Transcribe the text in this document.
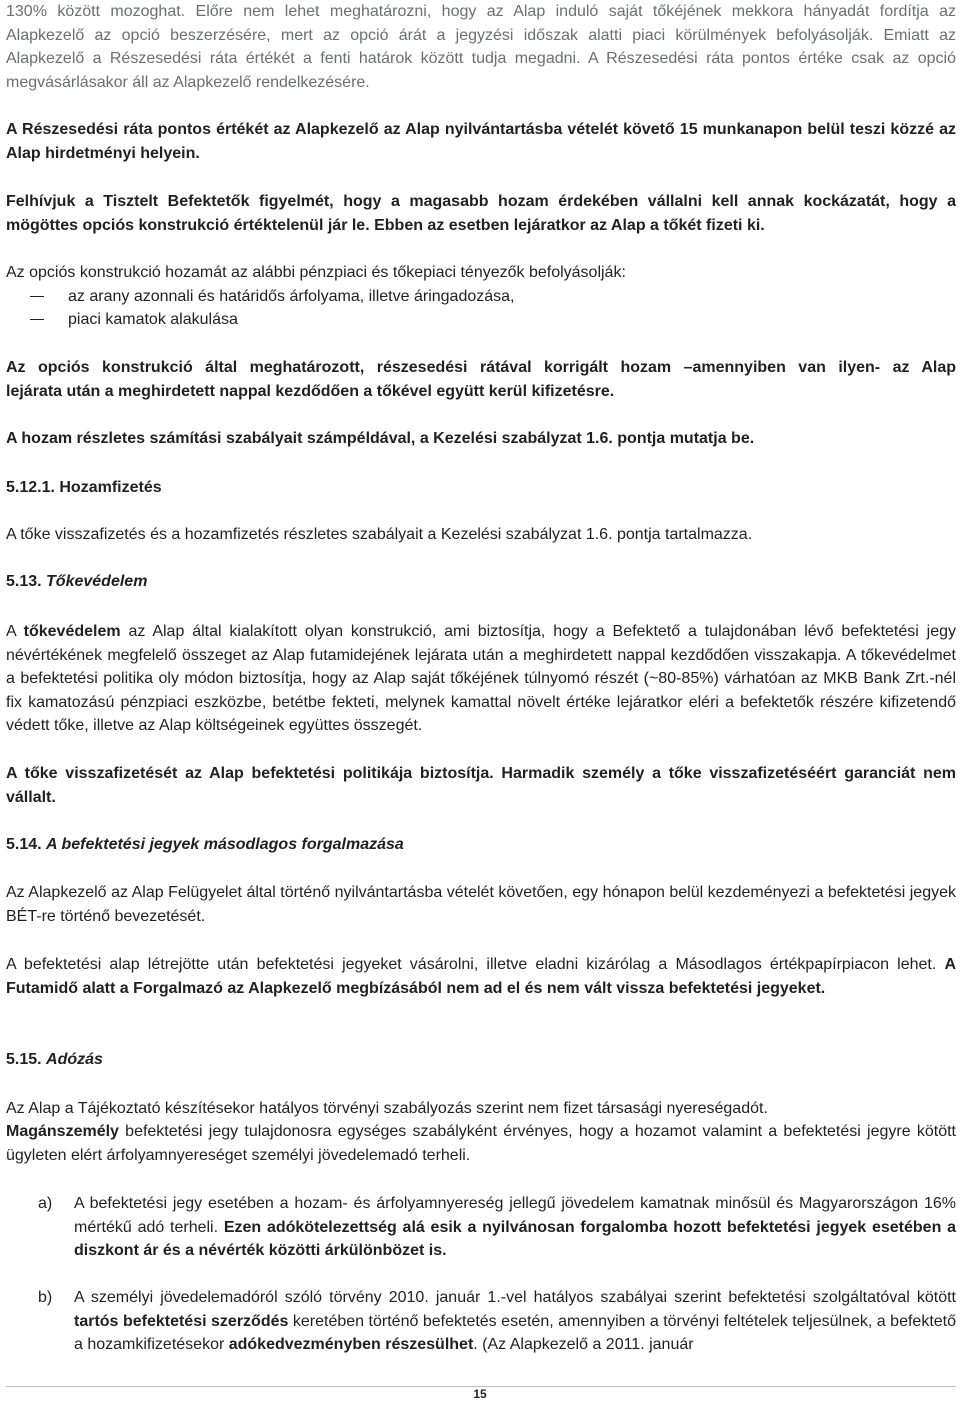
130% között mozoghat. Előre nem lehet meghatározni, hogy az Alap induló saját tőkéjének mekkora hányadát fordítja az
Alapkezelő az opció beszerzésére, mert az opció árát a jegyzési időszak alatti piaci körülmények befolyásolják. Emiatt az
Alapkezelő a Részesedési ráta értékét a fenti határok között tudja megadni. A Részesedési ráta pontos értéke csak az opció
megvásárlásakor áll az Alapkezelő rendelkezésére.

A Részesedési ráta pontos értékét az Alapkezelő az Alap nyilvántartásba vételét követő 15 munkanapon belül teszi közzé az Alap hirdetményi helyein.

Felhívjuk a Tisztelt Befektetők figyelmét, hogy a magasabb hozam érdekében vállalni kell annak kockázatát, hogy a mögöttes opciós konstrukció értéktelenül jár le. Ebben az esetben lejáratkor az Alap a tőkét fizeti ki.

Az opciós konstrukció hozamát az alábbi pénzpiaci és tőkepiaci tényezők befolyásolják:

az arany azonnali és határidős árfolyama, illetve áringadozása,
piaci kamatok alakulása
Az opciós konstrukció által meghatározott, részesedési rátával korrigált hozam –amennyiben van ilyen- az Alap
lejárata után a meghirdetett nappal kezdődően a tőkével együtt kerül kifizetésre.

A hozam részletes számítási szabályait számpéldával, a Kezelési szabályzat 1.6. pontja mutatja be.

5.12.1. Hozamfizetés

A tőke visszafizetés és a hozamfizetés részletes szabályait a Kezelési szabályzat 1.6. pontja tartalmazza.

5.13. Tőkevédelem

A tőkevédelem az Alap által kialakított olyan konstrukció, ami biztosítja, hogy a Befektető a tulajdonában lévő befektetési jegy névértékének megfelelő összeget az Alap futamidejének lejárata után a meghirdetett nappal kezdődően visszakapja. A tőkevédelmet a befektetési politika oly módon biztosítja, hogy az Alap saját tőkéjének túlnyomó részét (~80-85%) várhatóan az MKB Bank Zrt.-nél fix kamatozású pénzpiaci eszközbe, betétbe fekteti, melynek kamattal növelt értéke lejáratkor eléri a befektetők részére kifizetendő védett tőke, illetve az Alap költségeinek együttes összegét.

A tőke visszafizetését az Alap befektetési politikája biztosítja. Harmadik személy a tőke visszafizetéséért garanciát nem vállalt.

5.14. A befektetési jegyek másodlagos forgalmazása

Az Alapkezelő az Alap Felügyelet által történő nyilvántartásba vételét követően, egy hónapon belül kezdeményezi a befektetési jegyek BÉT-re történő bevezetését.

A befektetési alap létrejötte után befektetési jegyeket vásárolni, illetve eladni kizárólag a Másodlagos értékpapírpiacon lehet. A Futamidő alatt a Forgalmazó az Alapkezelő megbízásából nem ad el és nem vált vissza befektetési jegyeket.

5.15. Adózás

Az Alap a Tájékoztató készítésekor hatályos törvényi szabályozás szerint nem fizet társasági nyereségadót.

Magánszemély befektetési jegy tulajdonosra egységes szabályként érvényes, hogy a hozamot valamint a befektetési jegyre kötött ügyleten elért árfolyamnyereséget személyi jövedelemadó terheli.

a) A befektetési jegy esetében a hozam- és árfolyamnyereség jellegű jövedelem kamatnak minősül és Magyarországon 16% mértékű adó terheli. Ezen adókötelezettség alá esik a nyilvánosan forgalomba hozott befektetési jegyek esetében a diszkont ár és a névérték közötti árkülönbözet is.

b) A személyi jövedelemadóról szóló törvény 2010. január 1.-vel hatályos szabályai szerint befektetési szolgáltatóval kötött tartós befektetési szerződés keretében történő befektetés esetén, amennyiben a törvényi feltételek teljesülnek, a befektető a hozamkifizetésekor adókedvezményben részesülhet. (Az Alapkezelő a 2011. január

15
